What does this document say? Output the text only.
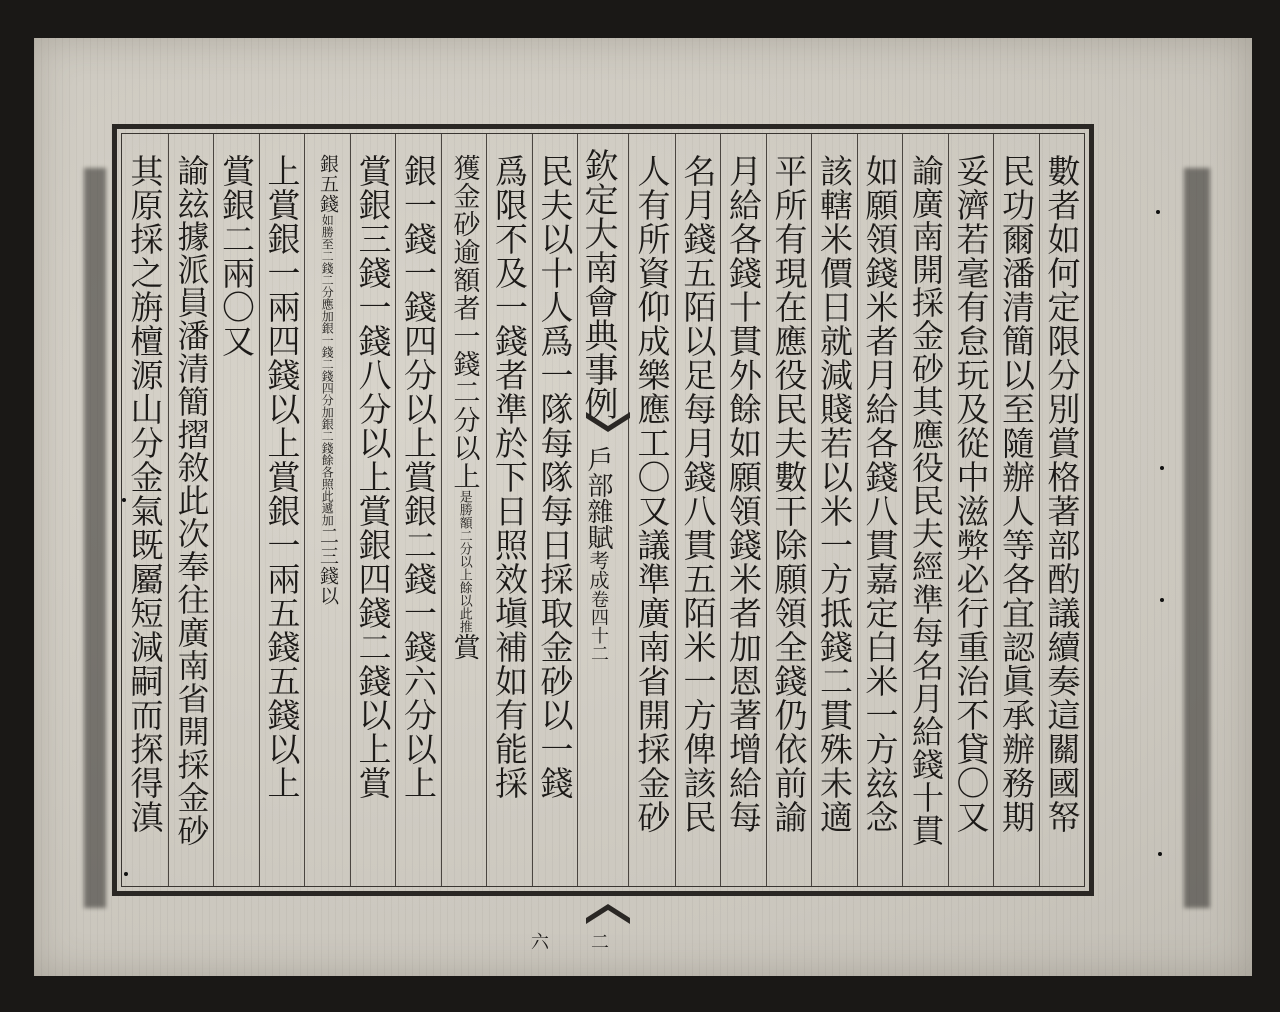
其原採之旃檀源山分金氣既屬短減嗣而探得滇 諭玆據派員潘清簡摺敘此次奉往廣南省開採金砂 賞銀二兩〇又 上賞銀一兩四錢以上賞銀一兩五錢五錢以上 銀五錢
如勝至二錢二分應加銀一錢二錢四分加銀二錢餘各照此遞加
二三錢以 賞銀三錢一錢八分以上賞銀四錢二錢以上賞 銀一錢一錢四分以上賞銀二錢一錢六分以上 獲金砂逾額者一錢二分以上
是勝額二分以上餘以此推
賞 爲限不及一錢者準於下日照效塡補如有能採 民夫以十人爲一隊每隊每日採取金砂以一錢 欽定大南會典事例
戶部雜賦考成卷四十二
二六
人有所資仰成樂應工〇又議準廣南省開採金砂 名月錢五陌以足每月錢八貫五陌米一方俾該民 月給各錢十貫外餘如願領錢米者加恩著增給每 平所有現在應役民夫數干除願領全錢仍依前諭 該轄米價日就減賤若以米一方抵錢二貫殊未適 如願領錢米者月給各錢八貫嘉定白米一方玆念 諭廣南開採金砂其應役民夫經準每名月給錢十貫 妥濟若毫有怠玩及從中滋弊必行重治不貸〇又 民功爾潘清簡以至隨辦人等各宜認眞承辦務期 數者如何定限分別賞格著部酌議續奏這關國帑
